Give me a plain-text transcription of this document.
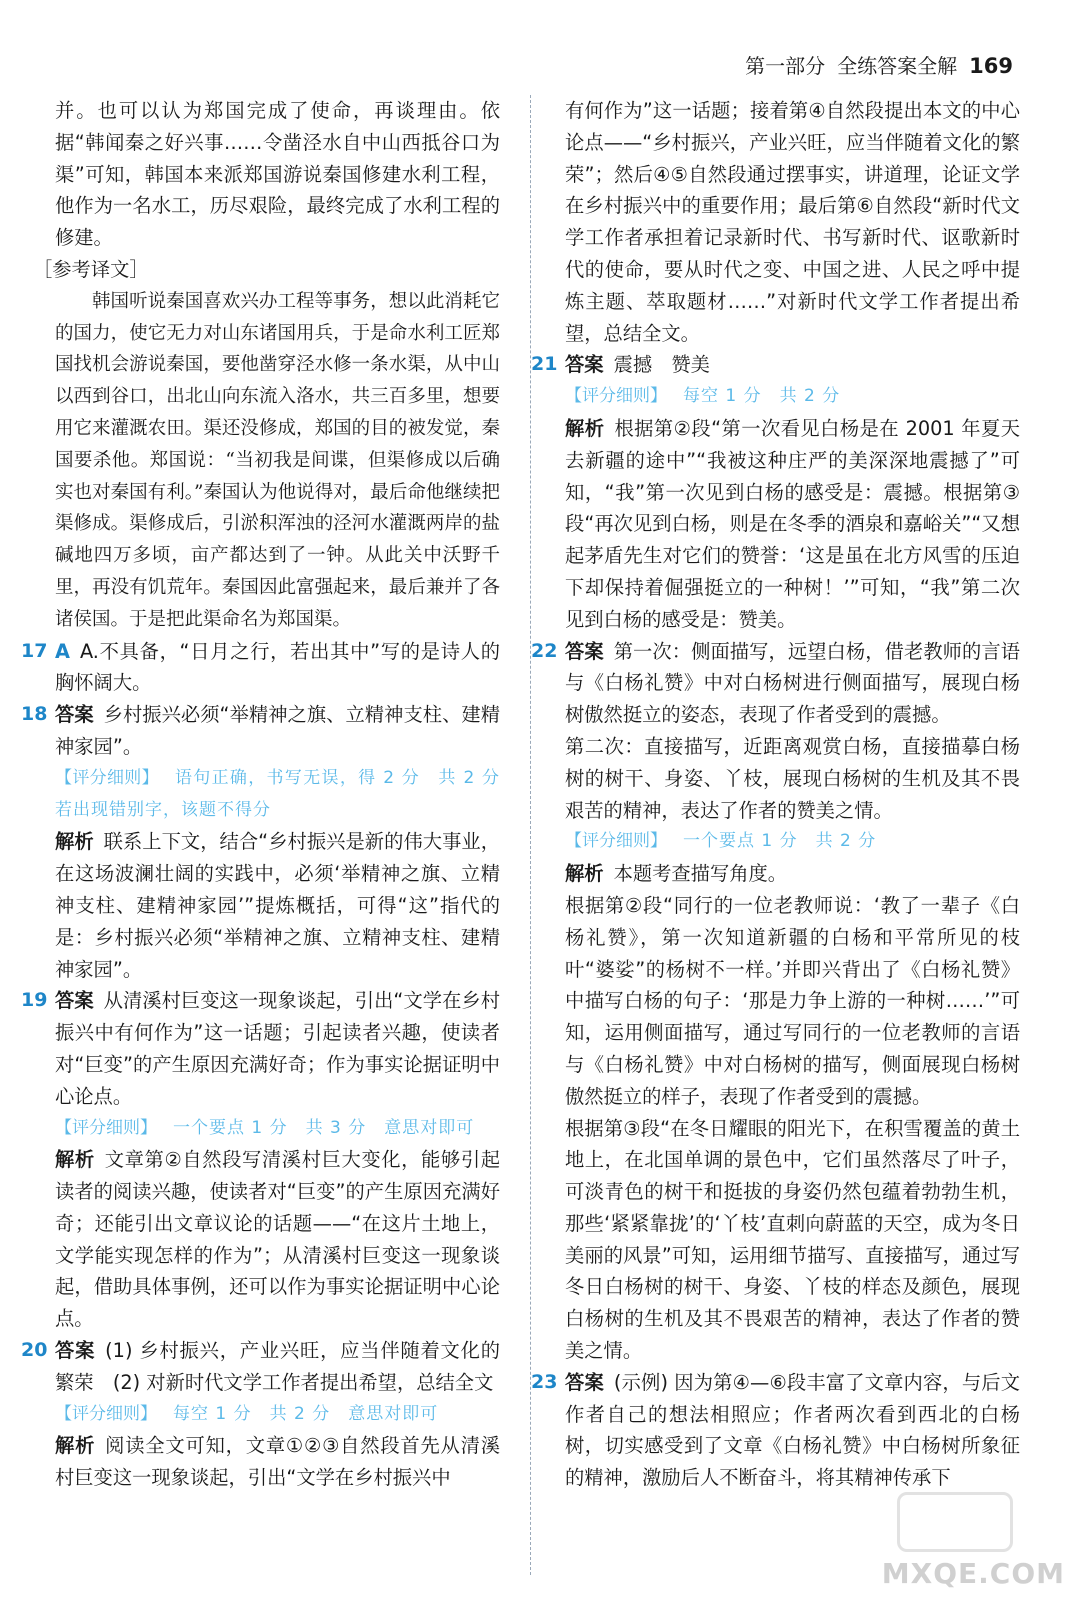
第一部分 全练答案全解 169

并。也可以认为郑国完成了使命，再谈理由。依据“韩闻秦之好兴事……令凿泾水自中山西抵谷口为渠”可知，韩国本来派郑国游说秦国修建水利工程，他作为一名水工，历尽艰险，最终完成了水利工程的修建。

［参考译文］

韩国听说秦国喜欢兴办工程等事务，想以此消耗它的国力，使它无力对山东诸国用兵，于是命水利工匠郑国找机会游说秦国，要他凿穿泾水修一条水渠，从中山以西到谷口，出北山向东流入洛水，共三百多里，想要用它来灌溉农田。渠还没修成，郑国的目的被发觉，秦国要杀他。郑国说：“当初我是间谍，但渠修成以后确实也对秦国有利。”秦国认为他说得对，最后命他继续把渠修成。渠修成后，引淤积浑浊的泾河水灌溉两岸的盐碱地四万多顷，亩产都达到了一钟。从此关中沃野千里，再没有饥荒年。秦国因此富强起来，最后兼并了各诸侯国。于是把此渠命名为郑国渠。

17 A A.不具备，“日月之行，若出其中”写的是诗人的胸怀阔大。
18 答案 乡村振兴必须“举精神之旗、立精神支柱、建精神家园”。

【评分细则】 语句正确，书写无误，得 2 分　共 2 分　若出现错别字，该题不得分

解析 联系上下文，结合“乡村振兴是新的伟大事业，在这场波澜壮阔的实践中，必须‘举精神之旗、立精神支柱、建精神家园’”提炼概括，可得“这”指代的是：乡村振兴必须“举精神之旗、立精神支柱、建精神家园”。

19 答案 从清溪村巨变这一现象谈起，引出“文学在乡村振兴中有何作为”这一话题；引起读者兴趣，使读者对“巨变”的产生原因充满好奇；作为事实论据证明中心论点。

【评分细则】 一个要点 1 分　共 3 分　意思对即可

解析 文章第②自然段写清溪村巨大变化，能够引起读者的阅读兴趣，使读者对“巨变”的产生原因充满好奇；还能引出文章议论的话题——“在这片土地上，文学能实现怎样的作为”；从清溪村巨变这一现象谈起，借助具体事例，还可以作为事实论据证明中心论点。

20 答案 (1) 乡村振兴，产业兴旺，应当伴随着文化的繁荣　(2) 对新时代文学工作者提出希望，总结全文

【评分细则】 每空 1 分　共 2 分　意思对即可

解析 阅读全文可知，文章①②③自然段首先从清溪村巨变这一现象谈起，引出“文学在乡村振兴中

有何作为”这一话题；接着第④自然段提出本文的中心论点——“乡村振兴，产业兴旺，应当伴随着文化的繁荣”；然后④⑤自然段通过摆事实，讲道理，论证文学在乡村振兴中的重要作用；最后第⑥自然段“新时代文学工作者承担着记录新时代、书写新时代、讴歌新时代的使命，要从时代之变、中国之进、人民之呼中提炼主题、萃取题材……”对新时代文学工作者提出希望，总结全文。

21 答案 震撼　赞美

【评分细则】 每空 1 分　共 2 分

解析 根据第②段“第一次看见白杨是在 2001 年夏天去新疆的途中”“我被这种庄严的美深深地震撼了”可知，“我”第一次见到白杨的感受是：震撼。根据第③段“再次见到白杨，则是在冬季的酒泉和嘉峪关”“又想起茅盾先生对它们的赞誉：‘这是虽在北方风雪的压迫下却保持着倔强挺立的一种树！’”可知，“我”第二次见到白杨的感受是：赞美。

22 答案 第一次：侧面描写，远望白杨，借老教师的言语与《白杨礼赞》中对白杨树进行侧面描写，展现白杨树傲然挺立的姿态，表现了作者受到的震撼。

第二次：直接描写，近距离观赏白杨，直接描摹白杨树的树干、身姿、丫枝，展现白杨树的生机及其不畏艰苦的精神，表达了作者的赞美之情。

【评分细则】 一个要点 1 分　共 2 分

解析 本题考查描写角度。

根据第②段“同行的一位老教师说：‘教了一辈子《白杨礼赞》，第一次知道新疆的白杨和平常所见的枝叶“婆娑”的杨树不一样。’并即兴背出了《白杨礼赞》中描写白杨的句子：‘那是力争上游的一种树……’”可知，运用侧面描写，通过写同行的一位老教师的言语与《白杨礼赞》中对白杨树的描写，侧面展现白杨树傲然挺立的样子，表现了作者受到的震撼。

根据第③段“在冬日耀眼的阳光下，在积雪覆盖的黄土地上，在北国单调的景色中，它们虽然落尽了叶子，可淡青色的树干和挺拔的身姿仍然包蕴着勃勃生机，那些‘紧紧靠拢’的‘丫枝’直刺向蔚蓝的天空，成为冬日美丽的风景”可知，运用细节描写、直接描写，通过写冬日白杨树的树干、身姿、丫枝的样态及颜色，展现白杨树的生机及其不畏艰苦的精神，表达了作者的赞美之情。

23 答案 (示例) 因为第④—⑥段丰富了文章内容，与后文作者自己的想法相照应；作者两次看到西北的白杨树，切实感受到了文章《白杨礼赞》中白杨树所象征的精神，激励后人不断奋斗，将其精神传承下
MXQE.COM
